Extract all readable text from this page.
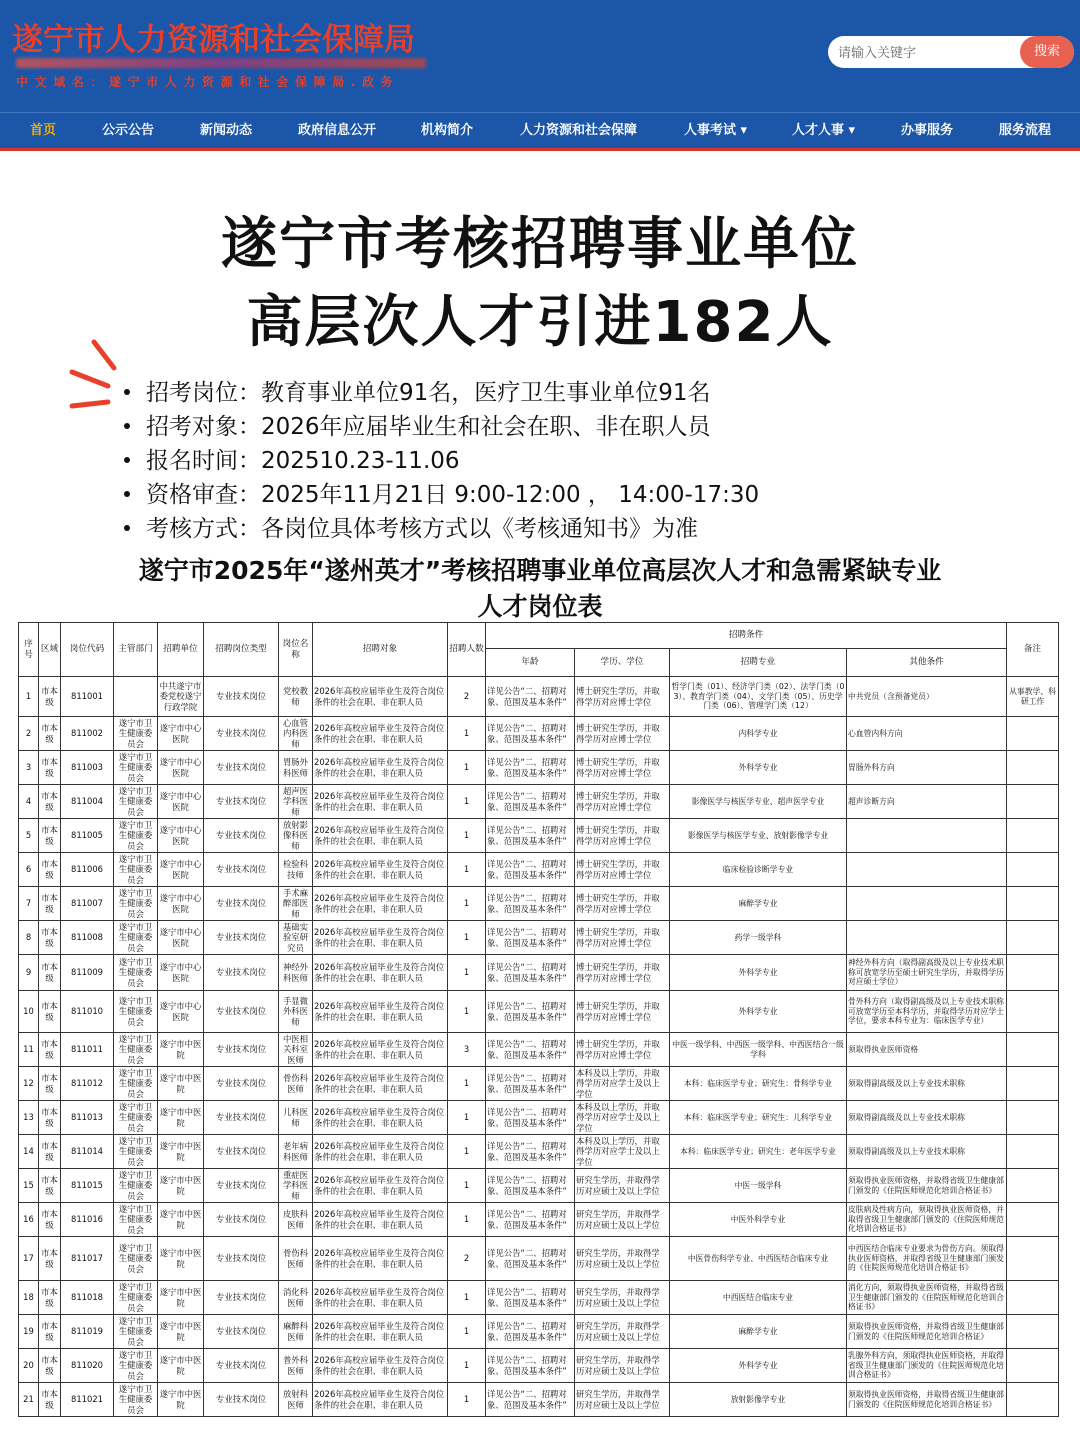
遂宁市人力资源和社会保障局
中文域名：遂宁市人力资源和社会保障局.政务
请输入关键字
搜索
首页	公示公告	新闻动态	政府信息公开	机构简介	人力资源和社会保障	人事考试 ▾	人才人事 ▾	办事服务	服务流程
遂宁市考核招聘事业单位
高层次人才引进182人
招考岗位：教育事业单位91名，医疗卫生事业单位91名
招考对象：2026年应届毕业生和社会在职、非在职人员
报名时间：202510.23-11.06
资格审查：2025年11月21日 9:00-12:00 ， 14:00-17:30
考核方式：各岗位具体考核方式以《考核通知书》为准
遂宁市2025年“遂州英才”考核招聘事业单位高层次人才和急需紧缺专业
人才岗位表
序号	区域	岗位代码	主管部门	招聘单位	招聘岗位类型	岗位名称	招聘对象	招聘人数	招聘条件				备注
									年龄	学历、学位	招聘专业	其他条件	
1	市本级	811001		中共遂宁市委党校遂宁行政学院	专业技术岗位	党校教师	2026年高校应届毕业生及符合岗位条件的社会在职、非在职人员	2	详见公告“二、招聘对象、范围及基本条件”	博士研究生学历，并取得学历对应博士学位	哲学门类（01）、经济学门类（02）、法学门类（03）、教育学门类（04）、文学门类（05）、历史学门类（06）、管理学门类（12）	中共党员（含预备党员）	从事教学、科研工作
2	市本级	811002	遂宁市卫生健康委员会	遂宁市中心医院	专业技术岗位	心血管内科医师	2026年高校应届毕业生及符合岗位条件的社会在职、非在职人员	1	详见公告“二、招聘对象、范围及基本条件”	博士研究生学历，并取得学历对应博士学位	内科学专业	心血管内科方向	
3	市本级	811003	遂宁市卫生健康委员会	遂宁市中心医院	专业技术岗位	胃肠外科医师	2026年高校应届毕业生及符合岗位条件的社会在职、非在职人员	1	详见公告“二、招聘对象、范围及基本条件”	博士研究生学历，并取得学历对应博士学位	外科学专业	胃肠外科方向	
4	市本级	811004	遂宁市卫生健康委员会	遂宁市中心医院	专业技术岗位	超声医学科医师	2026年高校应届毕业生及符合岗位条件的社会在职、非在职人员	1	详见公告“二、招聘对象、范围及基本条件”	博士研究生学历，并取得学历对应博士学位	影像医学与核医学专业、超声医学专业	超声诊断方向	
5	市本级	811005	遂宁市卫生健康委员会	遂宁市中心医院	专业技术岗位	放射影像科医师	2026年高校应届毕业生及符合岗位条件的社会在职、非在职人员	1	详见公告“二、招聘对象、范围及基本条件”	博士研究生学历，并取得学历对应博士学位	影像医学与核医学专业、放射影像学专业		
6	市本级	811006	遂宁市卫生健康委员会	遂宁市中心医院	专业技术岗位	检验科技师	2026年高校应届毕业生及符合岗位条件的社会在职、非在职人员	1	详见公告“二、招聘对象、范围及基本条件”	博士研究生学历，并取得学历对应博士学位	临床检验诊断学专业		
7	市本级	811007	遂宁市卫生健康委员会	遂宁市中心医院	专业技术岗位	手术麻醉部医师	2026年高校应届毕业生及符合岗位条件的社会在职、非在职人员	1	详见公告“二、招聘对象、范围及基本条件”	博士研究生学历，并取得学历对应博士学位	麻醉学专业		
8	市本级	811008	遂宁市卫生健康委员会	遂宁市中心医院	专业技术岗位	基础实验室研究员	2026年高校应届毕业生及符合岗位条件的社会在职、非在职人员	1	详见公告“二、招聘对象、范围及基本条件”	博士研究生学历，并取得学历对应博士学位	药学一级学科		
9	市本级	811009	遂宁市卫生健康委员会	遂宁市中心医院	专业技术岗位	神经外科医师	2026年高校应届毕业生及符合岗位条件的社会在职、非在职人员	1	详见公告“二、招聘对象、范围及基本条件”	博士研究生学历，并取得学历对应博士学位	外科学专业	神经外科方向（取得副高级及以上专业技术职称可放宽学历至硕士研究生学历，并取得学历对应硕士学位）	
10	市本级	811010	遂宁市卫生健康委员会	遂宁市中心医院	专业技术岗位	手显微外科医师	2026年高校应届毕业生及符合岗位条件的社会在职、非在职人员	1	详见公告“二、招聘对象、范围及基本条件”	博士研究生学历，并取得学历对应博士学位	外科学专业	骨外科方向（取得副高级及以上专业技术职称可放宽学历至本科学历，并取得学历对应学士学位，要求本科专业为：临床医学专业）	
11	市本级	811011	遂宁市卫生健康委员会	遂宁市中医院	专业技术岗位	中医相关科室医师	2026年高校应届毕业生及符合岗位条件的社会在职、非在职人员	3	详见公告“二、招聘对象、范围及基本条件”	博士研究生学历，并取得学历对应博士学位	中医一级学科、中西医一级学科、中西医结合一级学科	须取得执业医师资格	
12	市本级	811012	遂宁市卫生健康委员会	遂宁市中医院	专业技术岗位	骨伤科医师	2026年高校应届毕业生及符合岗位条件的社会在职、非在职人员	1	详见公告“二、招聘对象、范围及基本条件”	本科及以上学历，并取得学历对应学士及以上学位	本科：临床医学专业；研究生：骨科学专业	须取得副高级及以上专业技术职称	
13	市本级	811013	遂宁市卫生健康委员会	遂宁市中医院	专业技术岗位	儿科医师	2026年高校应届毕业生及符合岗位条件的社会在职、非在职人员	1	详见公告“二、招聘对象、范围及基本条件”	本科及以上学历，并取得学历对应学士及以上学位	本科：临床医学专业；研究生：儿科学专业	须取得副高级及以上专业技术职称	
14	市本级	811014	遂宁市卫生健康委员会	遂宁市中医院	专业技术岗位	老年病科医师	2026年高校应届毕业生及符合岗位条件的社会在职、非在职人员	1	详见公告“二、招聘对象、范围及基本条件”	本科及以上学历，并取得学历对应学士及以上学位	本科：临床医学专业；研究生：老年医学专业	须取得副高级及以上专业技术职称	
15	市本级	811015	遂宁市卫生健康委员会	遂宁市中医院	专业技术岗位	重症医学科医师	2026年高校应届毕业生及符合岗位条件的社会在职、非在职人员	1	详见公告“二、招聘对象、范围及基本条件”	研究生学历，并取得学历对应硕士及以上学位	中医一级学科	须取得执业医师资格，并取得省级卫生健康部门颁发的《住院医师规范化培训合格证书》	
16	市本级	811016	遂宁市卫生健康委员会	遂宁市中医院	专业技术岗位	皮肤科医师	2026年高校应届毕业生及符合岗位条件的社会在职、非在职人员	1	详见公告“二、招聘对象、范围及基本条件”	研究生学历，并取得学历对应硕士及以上学位	中医外科学专业	皮肤病及性病方向，须取得执业医师资格，并取得省级卫生健康部门颁发的《住院医师规范化培训合格证书》	
17	市本级	811017	遂宁市卫生健康委员会	遂宁市中医院	专业技术岗位	骨伤科医师	2026年高校应届毕业生及符合岗位条件的社会在职、非在职人员	2	详见公告“二、招聘对象、范围及基本条件”	研究生学历，并取得学历对应硕士及以上学位	中医骨伤科学专业、中西医结合临床专业	中西医结合临床专业要求为骨伤方向。须取得执业医师资格，并取得省级卫生健康部门颁发的《住院医师规范化培训合格证书》	
18	市本级	811018	遂宁市卫生健康委员会	遂宁市中医院	专业技术岗位	消化科医师	2026年高校应届毕业生及符合岗位条件的社会在职、非在职人员	1	详见公告“二、招聘对象、范围及基本条件”	研究生学历，并取得学历对应硕士及以上学位	中西医结合临床专业	消化方向，须取得执业医师资格，并取得省级卫生健康部门颁发的《住院医师规范化培训合格证书》	
19	市本级	811019	遂宁市卫生健康委员会	遂宁市中医院	专业技术岗位	麻醉科医师	2026年高校应届毕业生及符合岗位条件的社会在职、非在职人员	1	详见公告“二、招聘对象、范围及基本条件”	研究生学历，并取得学历对应硕士及以上学位	麻醉学专业	须取得执业医师资格，并取得省级卫生健康部门颁发的《住院医师规范化培训合格证》	
20	市本级	811020	遂宁市卫生健康委员会	遂宁市中医院	专业技术岗位	普外科医师	2026年高校应届毕业生及符合岗位条件的社会在职、非在职人员	1	详见公告“二、招聘对象、范围及基本条件”	研究生学历，并取得学历对应硕士及以上学位	外科学专业	乳腺外科方向，须取得执业医师资格，并取得省级卫生健康部门颁发的《住院医师规范化培训合格证书》	
21	市本级	811021	遂宁市卫生健康委员会	遂宁市中医院	专业技术岗位	放射科医师	2026年高校应届毕业生及符合岗位条件的社会在职、非在职人员	1	详见公告“二、招聘对象、范围及基本条件”	研究生学历，并取得学历对应硕士及以上学位	放射影像学专业	须取得执业医师资格，并取得省级卫生健康部门颁发的《住院医师规范化培训合格证书》	
